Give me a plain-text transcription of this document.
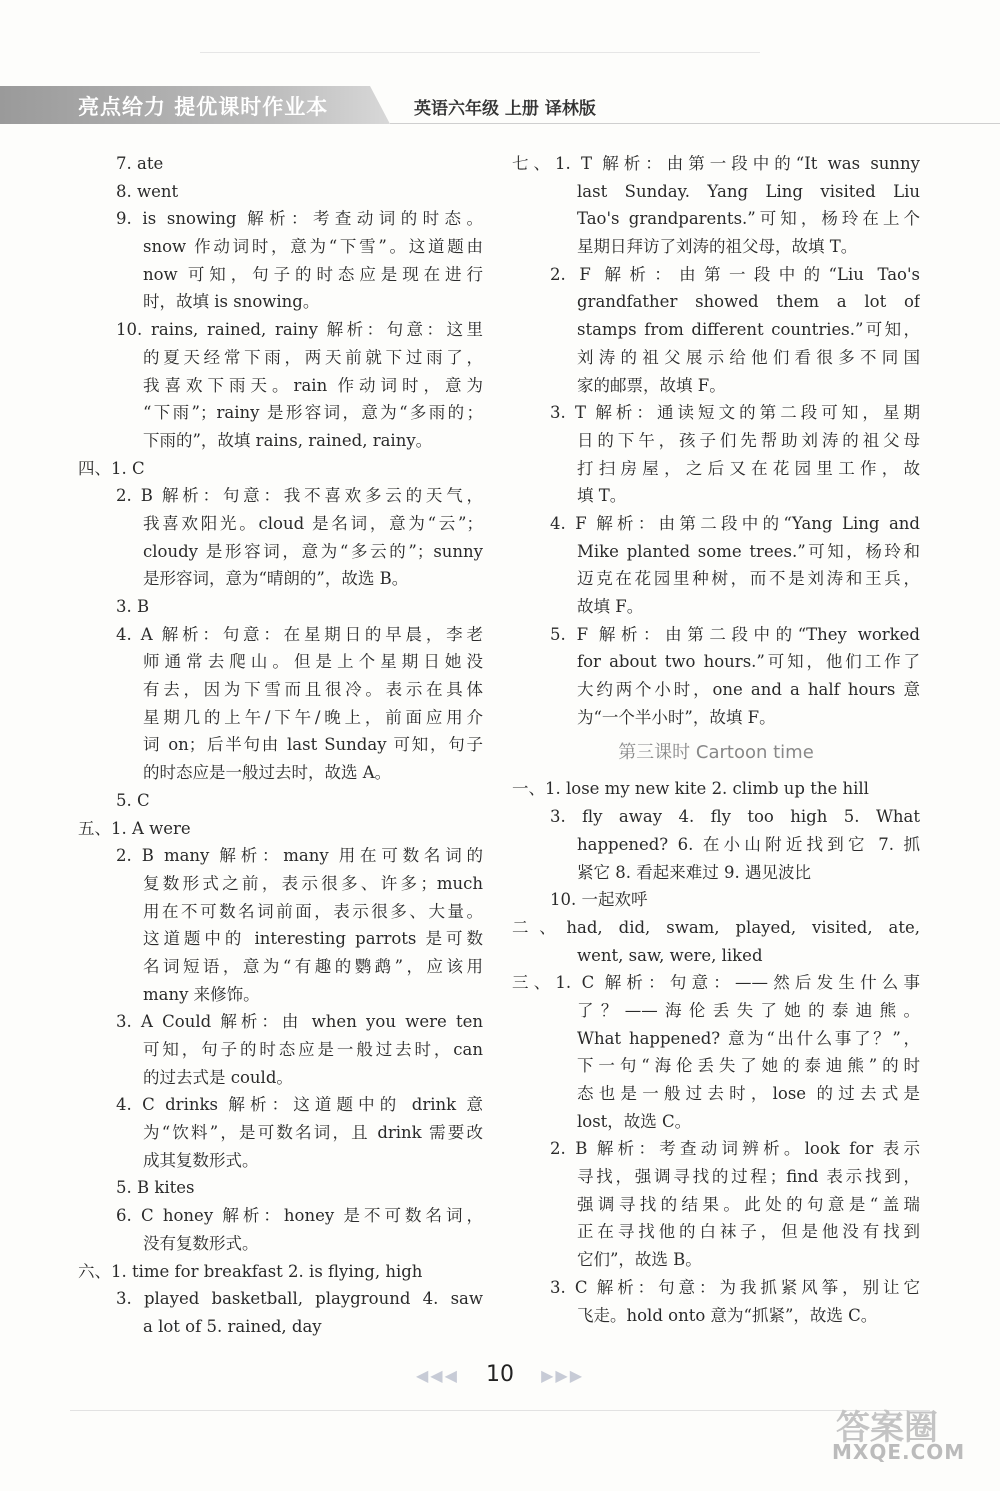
亮点给力 提优课时作业本	英语六年级 上册 译林版
7. ate
8. went
9. is snowing 解析：考查动词的时态。
snow 作动词时，意为“下雪”。这道题由
now 可知，句子的时态应是现在进行
时，故填 is snowing。
10. rains, rained, rainy 解析：句意：这里
的夏天经常下雨，两天前就下过雨了，
我喜欢下雨天。rain 作动词时，意为
“下雨”；rainy 是形容词，意为“多雨的；
下雨的”，故填 rains, rained, rainy。
四、1. C
2. B 解析：句意：我不喜欢多云的天气，
我喜欢阳光。cloud 是名词，意为“云”；
cloudy 是形容词，意为“多云的”；sunny
是形容词，意为“晴朗的”，故选 B。
3. B
4. A 解析：句意：在星期日的早晨，李老
师通常去爬山。但是上个星期日她没
有去，因为下雪而且很冷。表示在具体
星期几的上午/下午/晚上，前面应用介
词 on；后半句由 last Sunday 可知，句子
的时态应是一般过去时，故选 A。
5. C
五、1. A were
2. B many 解析：many 用在可数名词的
复数形式之前，表示很多、许多；much
用在不可数名词前面，表示很多、大量。
这道题中的 interesting parrots 是可数
名词短语，意为“有趣的鹦鹉”，应该用
many 来修饰。
3. A Could 解析：由 when you were ten
可知，句子的时态应是一般过去时，can
的过去式是 could。
4. C drinks 解析：这道题中的 drink 意
为“饮料”，是可数名词，且 drink 需要改
成其复数形式。
5. B kites
6. C honey 解析：honey 是不可数名词，
没有复数形式。
六、1. time for breakfast 2. is flying, high
3. played basketball, playground 4. saw
a lot of 5. rained, day
七、1. T 解析：由第一段中的“It was sunny
last Sunday. Yang Ling visited Liu
Tao's grandparents.”可知，杨玲在上个
星期日拜访了刘涛的祖父母，故填 T。
2. F 解析：由第一段中的“Liu Tao's
grandfather showed them a lot of
stamps from different countries.”可知，
刘涛的祖父展示给他们看很多不同国
家的邮票，故填 F。
3. T 解析：通读短文的第二段可知，星期
日的下午，孩子们先帮助刘涛的祖父母
打扫房屋，之后又在花园里工作，故
填 T。
4. F 解析：由第二段中的“Yang Ling and
Mike planted some trees.”可知，杨玲和
迈克在花园里种树，而不是刘涛和王兵，
故填 F。
5. F 解析：由第二段中的“They worked
for about two hours.”可知，他们工作了
大约两个小时，one and a half hours 意
为“一个半小时”，故填 F。
第三课时 Cartoon time
一、1. lose my new kite 2. climb up the hill
3. fly away 4. fly too high 5. What
happened? 6. 在小山附近找到它 7. 抓
紧它 8. 看起来难过 9. 遇见波比
10. 一起欢呼
二、had, did, swam, played, visited, ate,
went, saw, were, liked
三、1. C 解析：句意：——然后发生什么事
了？——海伦丢失了她的泰迪熊。
What happened? 意为“出什么事了？”，
下一句“海伦丢失了她的泰迪熊”的时
态也是一般过去时，lose 的过去式是
lost，故选 C。
2. B 解析：考查动词辨析。look for 表示
寻找，强调寻找的过程；find 表示找到，
强调寻找的结果。此处的句意是“盖瑞
正在寻找他的白袜子，但是他没有找到
它们”，故选 B。
3. C 解析：句意：为我抓紧风筝，别让它
飞走。hold onto 意为“抓紧”，故选 C。
◀◀◀ 10 ▶▶▶
答案圈
MXQE.COM
